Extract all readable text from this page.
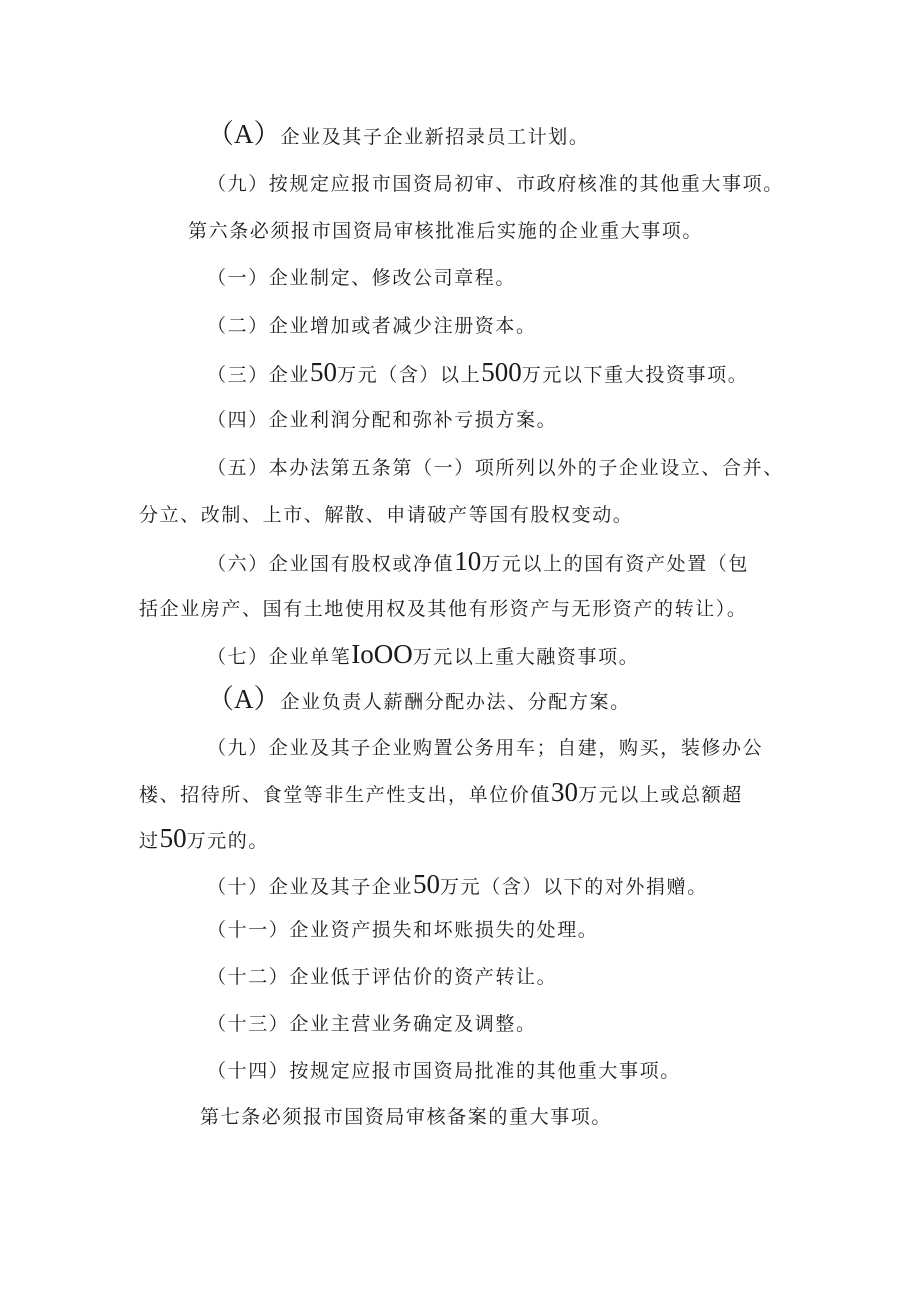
（A）企业及其子企业新招录员工计划。
（九）按规定应报市国资局初审、市政府核准的其他重大事项。
第六条必须报市国资局审核批准后实施的企业重大事项。
（一）企业制定、修改公司章程。
（二）企业增加或者减少注册资本。
（三）企业50万元（含）以上500万元以下重大投资事项。
（四）企业利润分配和弥补亏损方案。
（五）本办法第五条第（一）项所列以外的子企业设立、合并、
分立、改制、上市、解散、申请破产等国有股权变动。
（六）企业国有股权或净值10万元以上的国有资产处置（包
括企业房产、国有土地使用权及其他有形资产与无形资产的转让）。
（七）企业单笔IoOO万元以上重大融资事项。
（A）企业负责人薪酬分配办法、分配方案。
（九）企业及其子企业购置公务用车；自建，购买，装修办公
楼、招待所、食堂等非生产性支出，单位价值30万元以上或总额超
过50万元的。
（十）企业及其子企业50万元（含）以下的对外捐赠。
（十一）企业资产损失和坏账损失的处理。
（十二）企业低于评估价的资产转让。
（十三）企业主营业务确定及调整。
（十四）按规定应报市国资局批准的其他重大事项。
第七条必须报市国资局审核备案的重大事项。
